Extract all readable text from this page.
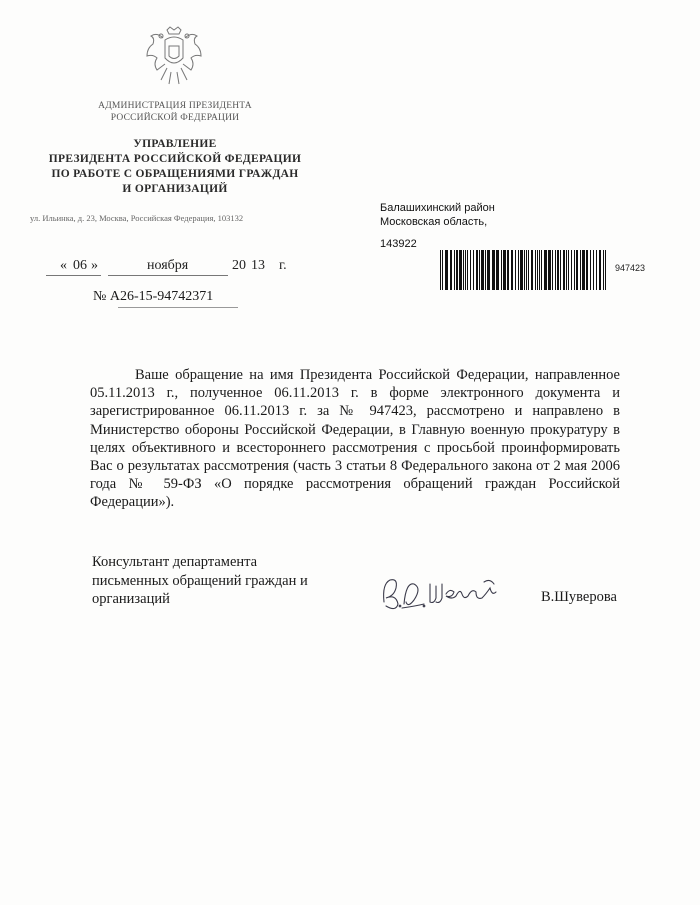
АДМИНИСТРАЦИЯ ПРЕЗИДЕНТА
РОССИЙСКОЙ ФЕДЕРАЦИИ
УПРАВЛЕНИЕ
ПРЕЗИДЕНТА РОССИЙСКОЙ ФЕДЕРАЦИИ
ПО РАБОТЕ С ОБРАЩЕНИЯМИ ГРАЖДАН
И ОРГАНИЗАЦИЙ
ул. Ильинка, д. 23, Москва, Российская Федерация, 103132
« 06 »	ноября	20 13 г.
№ А26-15-94742371
Балашихинский район
Московская область,
143922
947423
Ваше обращение на имя Президента Российской Федерации, направленное 05.11.2013 г., полученное 06.11.2013 г. в форме электронного документа и зарегистрированное 06.11.2013 г. за № 947423, рассмотрено и направлено в Министерство обороны Российской Федерации, в Главную военную прокуратуру в целях объективного и всестороннего рассмотрения с просьбой проинформировать Вас о результатах рассмотрения (часть 3 статьи 8 Федерального закона от 2 мая 2006 года № 59-ФЗ «О порядке рассмотрения обращений граждан Российской Федерации»).
Консультант департамента
письменных обращений граждан и
организаций	В.Шуверова
